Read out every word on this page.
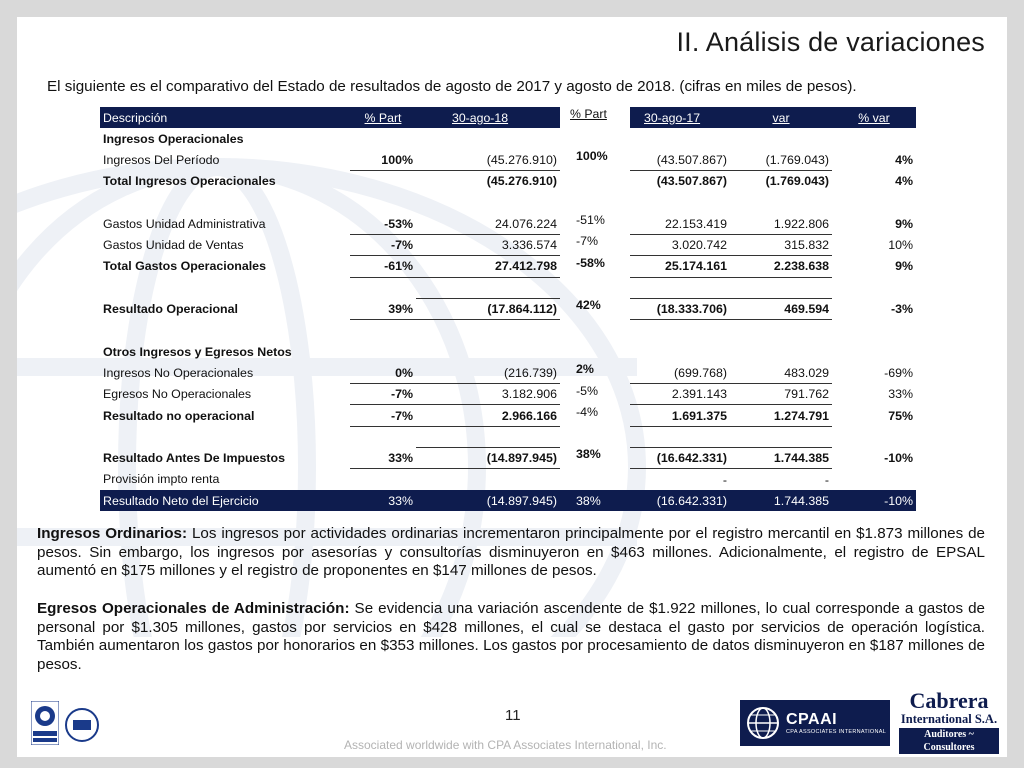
II. Análisis de variaciones
El siguiente es el comparativo del Estado de resultados de agosto de 2017 y agosto de 2018. (cifras en miles de pesos).
Descripción	% Part	30-ago-18	% Part	30-ago-17	var	% var
Ingresos Operacionales						
Ingresos Del Período	100%	(45.276.910)	100%	(43.507.867)	(1.769.043)	4%
Total Ingresos Operacionales		(45.276.910)		(43.507.867)	(1.769.043)	4%

Gastos Unidad Administrativa	-53%	24.076.224	-51%	22.153.419	1.922.806	9%
Gastos Unidad de Ventas	-7%	3.336.574	-7%	3.020.742	315.832	10%
Total Gastos Operacionales	-61%	27.412.798	-58%	25.174.161	2.238.638	9%

Resultado Operacional	39%	(17.864.112)	42%	(18.333.706)	469.594	-3%

Otros Ingresos y Egresos Netos						
Ingresos No Operacionales	0%	(216.739)	2%	(699.768)	483.029	-69%
Egresos No Operacionales	-7%	3.182.906	-5%	2.391.143	791.762	33%
Resultado no operacional	-7%	2.966.166	-4%	1.691.375	1.274.791	75%

Resultado Antes De Impuestos	33%	(14.897.945)	38%	(16.642.331)	1.744.385	-10%
Provisión impto renta				-	-	
Resultado Neto del Ejercicio	33%	(14.897.945)	38%	(16.642.331)	1.744.385	-10%
Ingresos Ordinarios: Los ingresos por actividades ordinarias incrementaron principalmente por el registro mercantil en $1.873 millones de pesos. Sin embargo, los ingresos por asesorías y consultorías disminuyeron en $463 millones. Adicionalmente, el registro de EPSAL aumentó en $175 millones y el registro de proponentes en $147 millones de pesos.
Egresos Operacionales de Administración: Se evidencia una variación ascendente de $1.922 millones, lo cual corresponde a gastos de personal por $1.305 millones, gastos por servicios en $428 millones, el cual se destaca el gasto por servicios de operación logística. También aumentaron los gastos por honorarios en $353 millones. Los gastos por procesamiento de datos disminuyeron en $187 millones de pesos.
11
Associated worldwide with CPA Associates International, Inc.
CPAAI
CPA ASSOCIATES INTERNATIONAL
Cabrera
International S.A.
Auditores ~ Consultores
